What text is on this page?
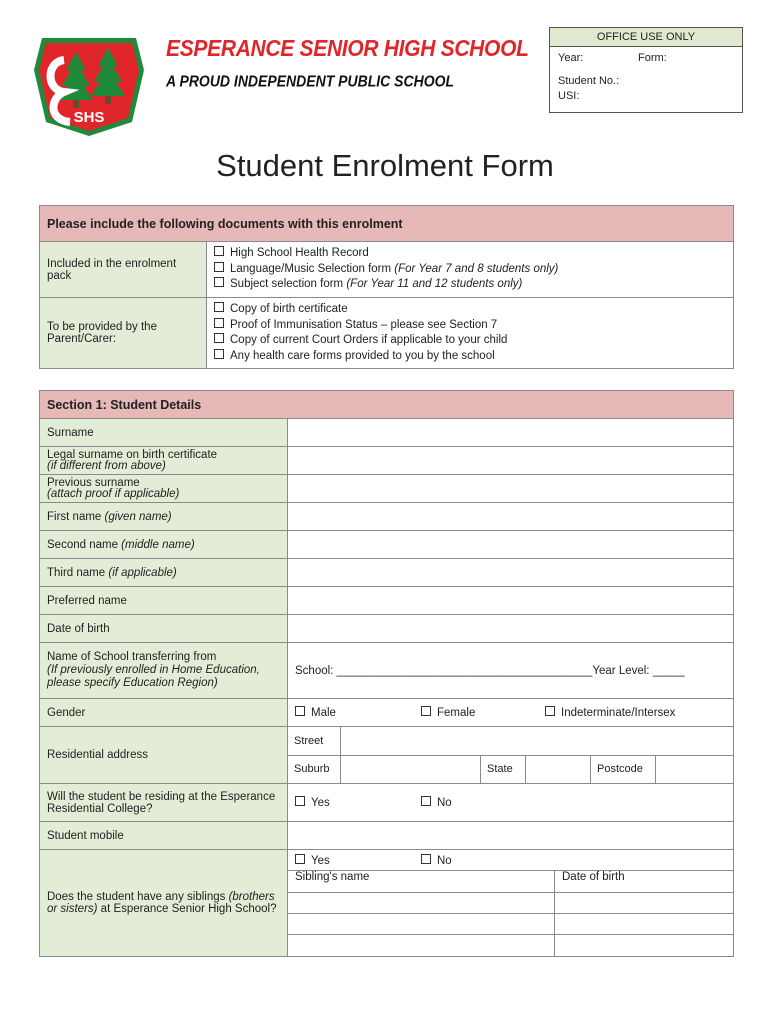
SHS
ESPERANCE SENIOR HIGH SCHOOL
A PROUD INDEPENDENT PUBLIC SCHOOL
OFFICE USE ONLY
Year:	Form:
Student No.:
USI:
Student Enrolment Form
Please include the following documents with this enrolment	
Included in the enrolment pack	High School Health Record
Language/Music Selection form (For Year 7 and 8 students only)
Subject selection form (For Year 11 and 12 students only)

To be provided by the Parent/Carer:	Copy of birth certificate
Proof of Immunisation Status – please see Section 7
Copy of current Court Orders if applicable to your child
Any health care forms provided to you by the school
Section 1: Student Details
Surname	

Legal surname on birth certificate
(if different from above)

Previous surname
(attach proof if applicable)

First name (given name)	
Second name (middle name)	
Third name (if applicable)	
Preferred name	
Date of birth	

Name of School transferring from
(If previously enrolled in Home Education, please specify Education Region)
	School: ________________________________________Year Level: _____
Gender	Male	Female	Indeterminate/Intersex
Residential address	
Street	
Suburb		State		Postcode	

Will the student be residing at the Esperance Residential College?	Yes	No
Student mobile	
Does the student have any siblings (brothers or sisters) at Esperance Senior High School?	
Yes	No
Sibling's name	Date of birth
